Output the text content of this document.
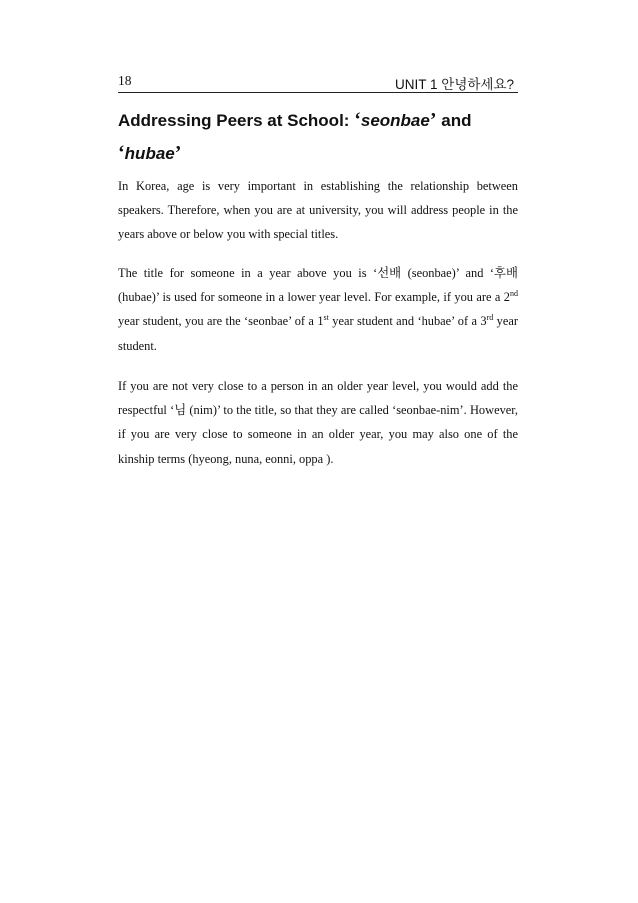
18	UNIT 1 안녕하세요?
Addressing Peers at School: ‘seonbae’ and
‘hubae’

In Korea, age is very important in establishing the relationship between speakers. Therefore, when you are at university, you will address people in the years above or below you with special titles.

The title for someone in a year above you is ‘선배 (seonbae)’ and ‘후배 (hubae)’ is used for someone in a lower year level. For example, if you are a 2nd year student, you are the ‘seonbae’ of a 1st year student and ‘hubae’ of a 3rd year student.

If you are not very close to a person in an older year level, you would add the respectful ‘님 (nim)’ to the title, so that they are called ‘seonbae-nim’. However, if you are very close to someone in an older year, you may also one of the kinship terms (hyeong, nuna, eonni, oppa ).
